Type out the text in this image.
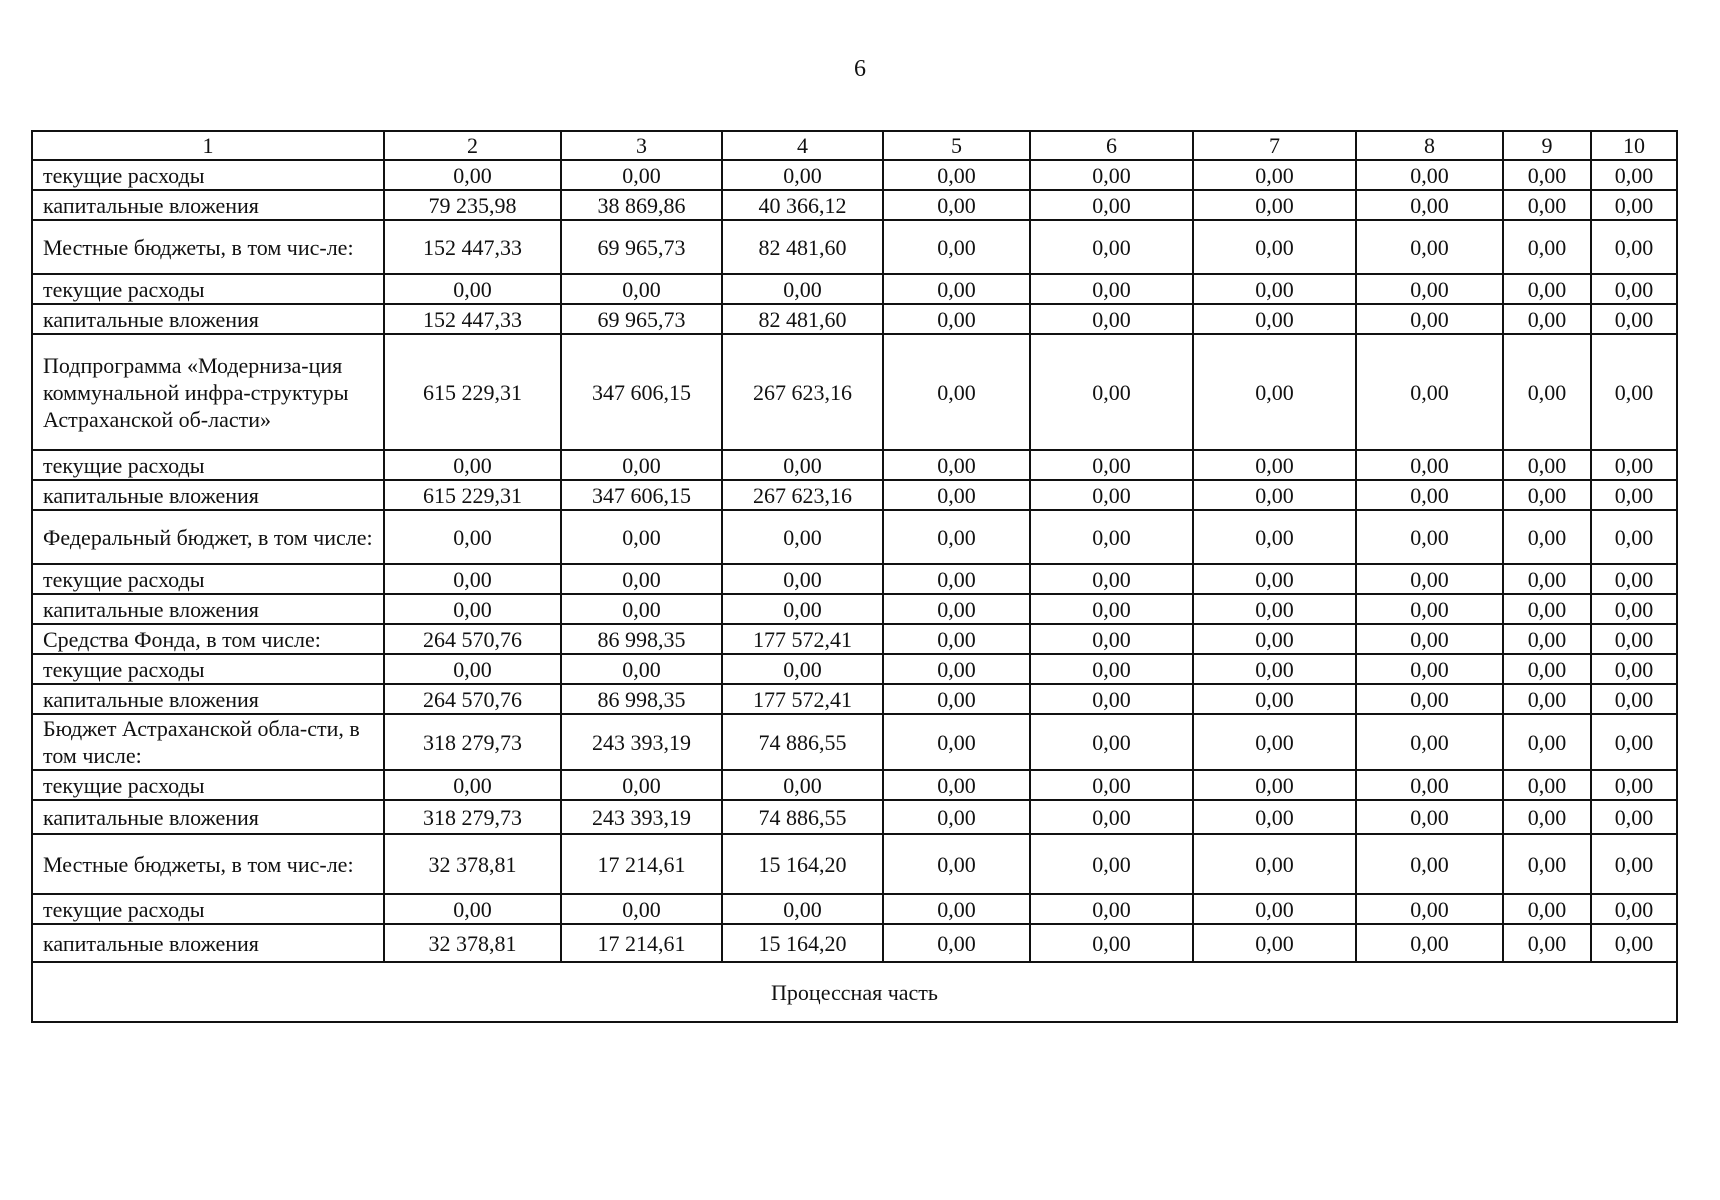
6
1	2	3	4	5	6	7	8	9	10
текущие расходы	0,00	0,00	0,00	0,00	0,00	0,00	0,00	0,00	0,00
капитальные вложения	79 235,98	38 869,86	40 366,12	0,00	0,00	0,00	0,00	0,00	0,00
Местные бюджеты, в том чис-ле:	152 447,33	69 965,73	82 481,60	0,00	0,00	0,00	0,00	0,00	0,00
текущие расходы	0,00	0,00	0,00	0,00	0,00	0,00	0,00	0,00	0,00
капитальные вложения	152 447,33	69 965,73	82 481,60	0,00	0,00	0,00	0,00	0,00	0,00
Подпрограмма «Модерниза-ция коммунальной инфра-структуры Астраханской об-ласти»	615 229,31	347 606,15	267 623,16	0,00	0,00	0,00	0,00	0,00	0,00
текущие расходы	0,00	0,00	0,00	0,00	0,00	0,00	0,00	0,00	0,00
капитальные вложения	615 229,31	347 606,15	267 623,16	0,00	0,00	0,00	0,00	0,00	0,00
Федеральный бюджет, в том числе:	0,00	0,00	0,00	0,00	0,00	0,00	0,00	0,00	0,00
текущие расходы	0,00	0,00	0,00	0,00	0,00	0,00	0,00	0,00	0,00
капитальные вложения	0,00	0,00	0,00	0,00	0,00	0,00	0,00	0,00	0,00
Средства Фонда, в том числе:	264 570,76	86 998,35	177 572,41	0,00	0,00	0,00	0,00	0,00	0,00
текущие расходы	0,00	0,00	0,00	0,00	0,00	0,00	0,00	0,00	0,00
капитальные вложения	264 570,76	86 998,35	177 572,41	0,00	0,00	0,00	0,00	0,00	0,00
Бюджет Астраханской обла-сти, в том числе:	318 279,73	243 393,19	74 886,55	0,00	0,00	0,00	0,00	0,00	0,00
текущие расходы	0,00	0,00	0,00	0,00	0,00	0,00	0,00	0,00	0,00
капитальные вложения	318 279,73	243 393,19	74 886,55	0,00	0,00	0,00	0,00	0,00	0,00
Местные бюджеты, в том чис-ле:	32 378,81	17 214,61	15 164,20	0,00	0,00	0,00	0,00	0,00	0,00
текущие расходы	0,00	0,00	0,00	0,00	0,00	0,00	0,00	0,00	0,00
капитальные вложения	32 378,81	17 214,61	15 164,20	0,00	0,00	0,00	0,00	0,00	0,00
Процессная часть									
